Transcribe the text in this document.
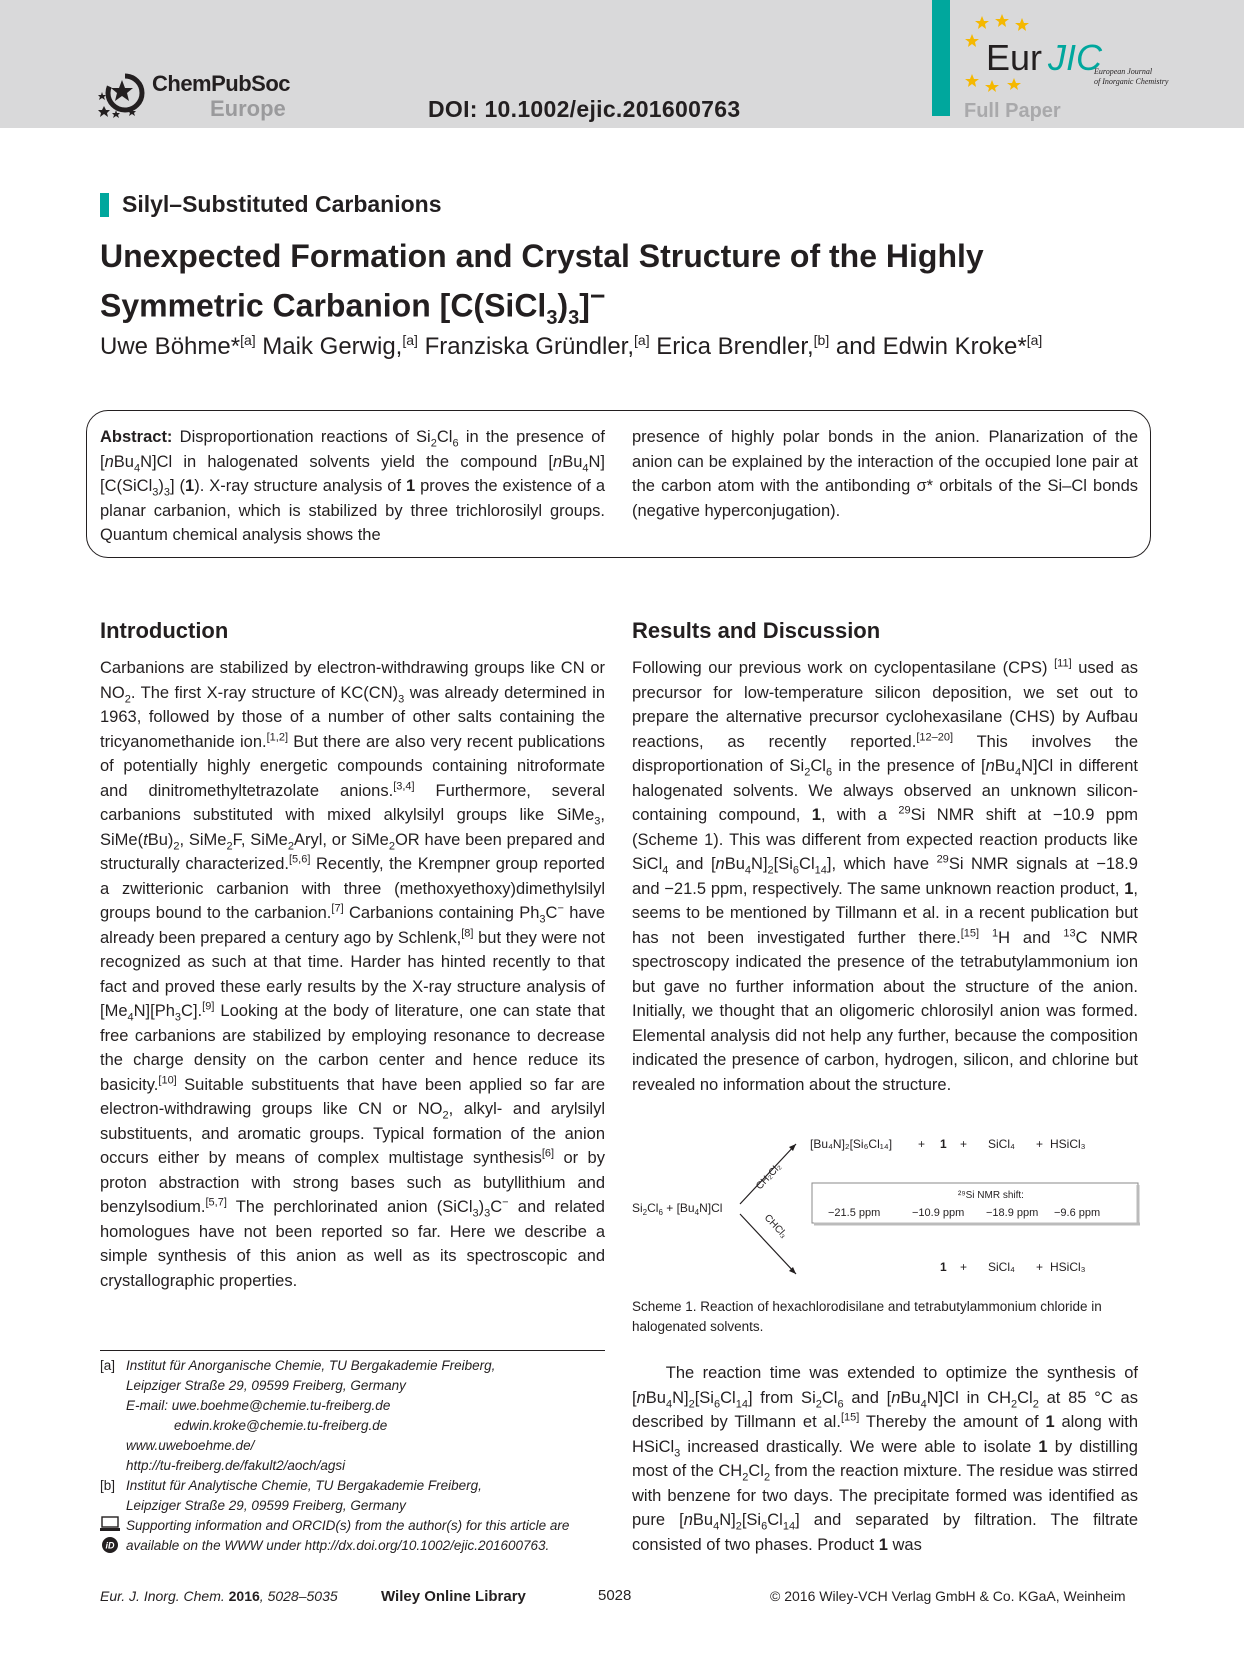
ChemPubSoc
Europe	DOI: 10.1002/ejic.201600763
Eur JIC
European Journal
of Inorganic Chemistry
Full Paper
Silyl–Substituted Carbanions
Unexpected Formation and Crystal Structure of the Highly
Symmetric Carbanion $[C(SiCl_3)_3]^-$
Uwe Böhme*[a] Maik Gerwig,[a] Franziska Gründler,[a] Erica Brendler,[b] and Edwin Kroke*[a]
Abstract: Disproportionation reactions of $Si_2Cl_6$ in the presence of [nBu$_4$N]Cl in halogenated solvents yield the compound $[nBu_4N][C(SiCl_3)_3]$ (1). X-ray structure analysis of 1 proves the existence of a planar carbanion, which is stabilized by three trichlorosilyl groups. Quantum chemical analysis shows the
presence of highly polar bonds in the anion. Planarization of the anion can be explained by the interaction of the occupied lone pair at the carbon atom with the antibonding σ* orbitals of the Si–Cl bonds (negative hyperconjugation).
Introduction
Carbanions are stabilized by electron-withdrawing groups like CN or $NO_2$. The first X-ray structure of $KC(CN)_3$ was already determined in 1963, followed by those of a number of other salts containing the tricyanomethanide ion.[1,2] But there are also very recent publications of potentially highly energetic compounds containing nitroformate and dinitromethyltetrazolate anions.[3,4] Furthermore, several carbanions substituted with mixed alkylsilyl groups like SiMe$_3$, $SiMe(tBu)_2$, SiMe$_2$F, SiMe$_2$Aryl, or SiMe$_2$OR have been prepared and structurally characterized.[5,6] Recently, the Krempner group reported a zwitterionic carbanion with three (methoxyethoxy)dimethylsilyl groups bound to the carbanion.[7] Carbanions containing $Ph_3C^-$ have already been prepared a century ago by Schlenk,[8] but they were not recognized as such at that time. Harder has hinted recently to that fact and proved these early results by the X-ray structure analysis of $[Me_4N][Ph_3C].[9]$ Looking at the body of literature, one can state that free carbanions are stabilized by employing resonance to decrease the charge density on the carbon center and hence reduce its basicity.[10] Suitable substituents that have been applied so far are electron-withdrawing groups like CN or $NO_2$, alkyl- and arylsilyl substituents, and aromatic groups. Typical formation of the anion occurs either by means of complex multistage synthesis[6] or by proton abstraction with strong bases such as butyllithium and benzylsodium.[5,7] The perchlorinated anion $(SiCl_3)_3C^-$ and related homologues have not been reported so far. Here we describe a simple synthesis of this anion as well as its spectroscopic and crystallographic properties.
Results and Discussion
Following our previous work on cyclopentasilane (CPS) [11] used as precursor for low-temperature silicon deposition, we set out to prepare the alternative precursor cyclohexasilane (CHS) by Aufbau reactions, as recently reported.[12–20] This involves the disproportionation of $Si_2Cl_6$ in the presence of [nBu$_4$N]Cl in different halogenated solvents. We always observed an unknown silicon-containing compound, 1, with a $^{29}$Si NMR shift at −10.9 ppm (Scheme 1). This was different from expected reaction products like SiCl$_4$ and $[nBu_4N]_2[Si_6Cl_{14}]$, which have $^{29}$Si NMR signals at −18.9 and −21.5 ppm, respectively. The same unknown reaction product, 1, seems to be mentioned by Tillmann et al. in a recent publication but has not been investigated further there.[15] $^1$H and $^{13}$C NMR spectroscopy indicated the presence of the tetrabutylammonium ion but gave no further information about the structure of the anion. Initially, we thought that an oligomeric chlorosilyl anion was formed. Elemental analysis did not help any further, because the composition indicated the presence of carbon, hydrogen, silicon, and chlorine but revealed no information about the structure.
$Si_2Cl_6 + [Bu_4N]Cl$
CH₂Cl₂
CHCl₃
[Bu₄N]₂[Si₆Cl₁₄] + 1 + SiCl₄ + HSiCl₃
²⁹Si NMR shift:
−21.5 ppm	−10.9 ppm −18.9 ppm −9.6 ppm
1 + SiCl₄ + HSiCl₃
Scheme 1. Reaction of hexachlorodisilane and tetrabutylammonium chloride in halogenated solvents.
The reaction time was extended to optimize the synthesis of $[nBu_4N]_2[Si_6Cl_{14}]$ from $Si_2Cl_6$ and [nBu$_4$N]Cl in $CH_2Cl_2$ at 85 °C as described by Tillmann et al.[15] Thereby the amount of 1 along with HSiCl$_3$ increased drastically. We were able to isolate 1 by distilling most of the $CH_2Cl_2$ from the reaction mixture. The residue was stirred with benzene for two days. The precipitate formed was identified as pure $[nBu_4N]_2[Si_6Cl_{14}]$ and separated by filtration. The filtrate consisted of two phases. Product 1 was
[a] Institut für Anorganische Chemie, TU Bergakademie Freiberg,
Leipziger Straße 29, 09599 Freiberg, Germany
E-mail: uwe.boehme@chemie.tu-freiberg.de
edwin.kroke@chemie.tu-freiberg.de
www.uweboehme.de/
http://tu-freiberg.de/fakult2/aoch/agsi
[b] Institut für Analytische Chemie, TU Bergakademie Freiberg,
Leipziger Straße 29, 09599 Freiberg, Germany
iD
Supporting information and ORCID(s) from the author(s) for this article are
available on the WWW under http://dx.doi.org/10.1002/ejic.201600763.
Eur. J. Inorg. Chem. 2016, 5028–5035	Wiley Online Library	5028	© 2016 Wiley-VCH Verlag GmbH & Co. KGaA, Weinheim
